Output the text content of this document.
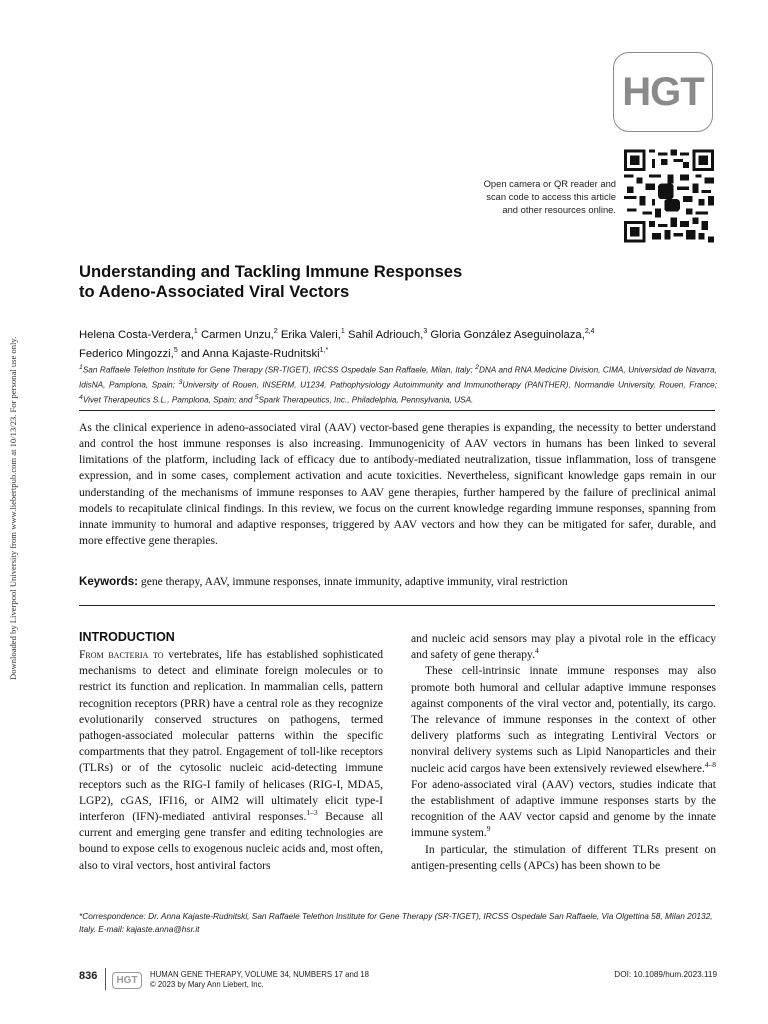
Downloaded by Liverpool University from www.liebertpub.com at 10/13/23. For personal use only.
HGT
Open camera or QR reader and
scan code to access this article
and other resources online.
Understanding and Tackling Immune Responses
to Adeno-Associated Viral Vectors
Helena Costa-Verdera,$^1$ Carmen Unzu,$^2$ Erika Valeri,$^1$ Sahil Adriouch,$^3$ Gloria González Aseguinolaza,$^{2,4}$
Federico Mingozzi,$^5$ and Anna Kajaste-Rudnitski$^{1,*}$
$^1$San Raffaele Telethon Institute for Gene Therapy (SR-TIGET), IRCSS Ospedale San Raffaele, Milan, Italy; $^2$DNA and RNA Medicine Division, CIMA, Universidad de Navarra, IdisNA, Pamplona, Spain; $^3$University of Rouen, INSERM, U1234, Pathophysiology Autoimmunity and Immunotherapy (PANTHER), Normandie University, Rouen, France; $^4$Vivet Therapeutics S.L., Pamplona, Spain; and $^5$Spark Therapeutics, Inc., Philadelphia, Pennsylvania, USA.
As the clinical experience in adeno-associated viral (AAV) vector-based gene therapies is expanding, the necessity to better understand and control the host immune responses is also increasing. Immunogenicity of AAV vectors in humans has been linked to several limitations of the platform, including lack of efficacy due to antibody-mediated neutralization, tissue inflammation, loss of transgene expression, and in some cases, complement activation and acute toxicities. Nevertheless, significant knowledge gaps remain in our understanding of the mechanisms of immune responses to AAV gene therapies, further hampered by the failure of preclinical animal models to recapitulate clinical findings. In this review, we focus on the current knowledge regarding immune responses, spanning from innate immunity to humoral and adaptive responses, triggered by AAV vectors and how they can be mitigated for safer, durable, and more effective gene therapies.
Keywords: gene therapy, AAV, immune responses, innate immunity, adaptive immunity, viral restriction
INTRODUCTION

From bacteria to vertebrates, life has established sophisticated mechanisms to detect and eliminate foreign molecules or to restrict its function and replication. In mammalian cells, pattern recognition receptors (PRR) have a central role as they recognize evolutionarily conserved structures on pathogens, termed pathogen-associated molecular patterns within the specific compartments that they patrol. Engagement of toll-like receptors (TLRs) or of the cytosolic nucleic acid-detecting immune receptors such as the RIG-I family of helicases (RIG-I, MDA5, LGP2), cGAS, IFI16, or AIM2 will ultimately elicit type-I interferon (IFN)-mediated antiviral responses.$^{1-3}$ Because all current and emerging gene transfer and editing technologies are bound to expose cells to exogenous nucleic acids and, most often, also to viral vectors, host antiviral factors

and nucleic acid sensors may play a pivotal role in the efficacy and safety of gene therapy.$^4$

These cell-intrinsic innate immune responses may also promote both humoral and cellular adaptive immune responses against components of the viral vector and, potentially, its cargo. The relevance of immune responses in the context of other delivery platforms such as integrating Lentiviral Vectors or nonviral delivery systems such as Lipid Nanoparticles and their nucleic acid cargos have been extensively reviewed elsewhere.$^{4-8}$ For adeno-associated viral (AAV) vectors, studies indicate that the establishment of adaptive immune responses starts by the recognition of the AAV vector capsid and genome by the innate immune system.$^9$

In particular, the stimulation of different TLRs present on antigen-presenting cells (APCs) has been shown to be

*Correspondence: Dr. Anna Kajaste-Rudnitski, San Raffaele Telethon Institute for Gene Therapy (SR-TIGET), IRCSS Ospedale San Raffaele, Via Olgettina 58, Milan 20132, Italy. E-mail: kajaste.anna@hsr.it
836	HGT
HUMAN GENE THERAPY, VOLUME 34, NUMBERS 17 and 18
© 2023 by Mary Ann Liebert, Inc.
DOI: 10.1089/hum.2023.119
